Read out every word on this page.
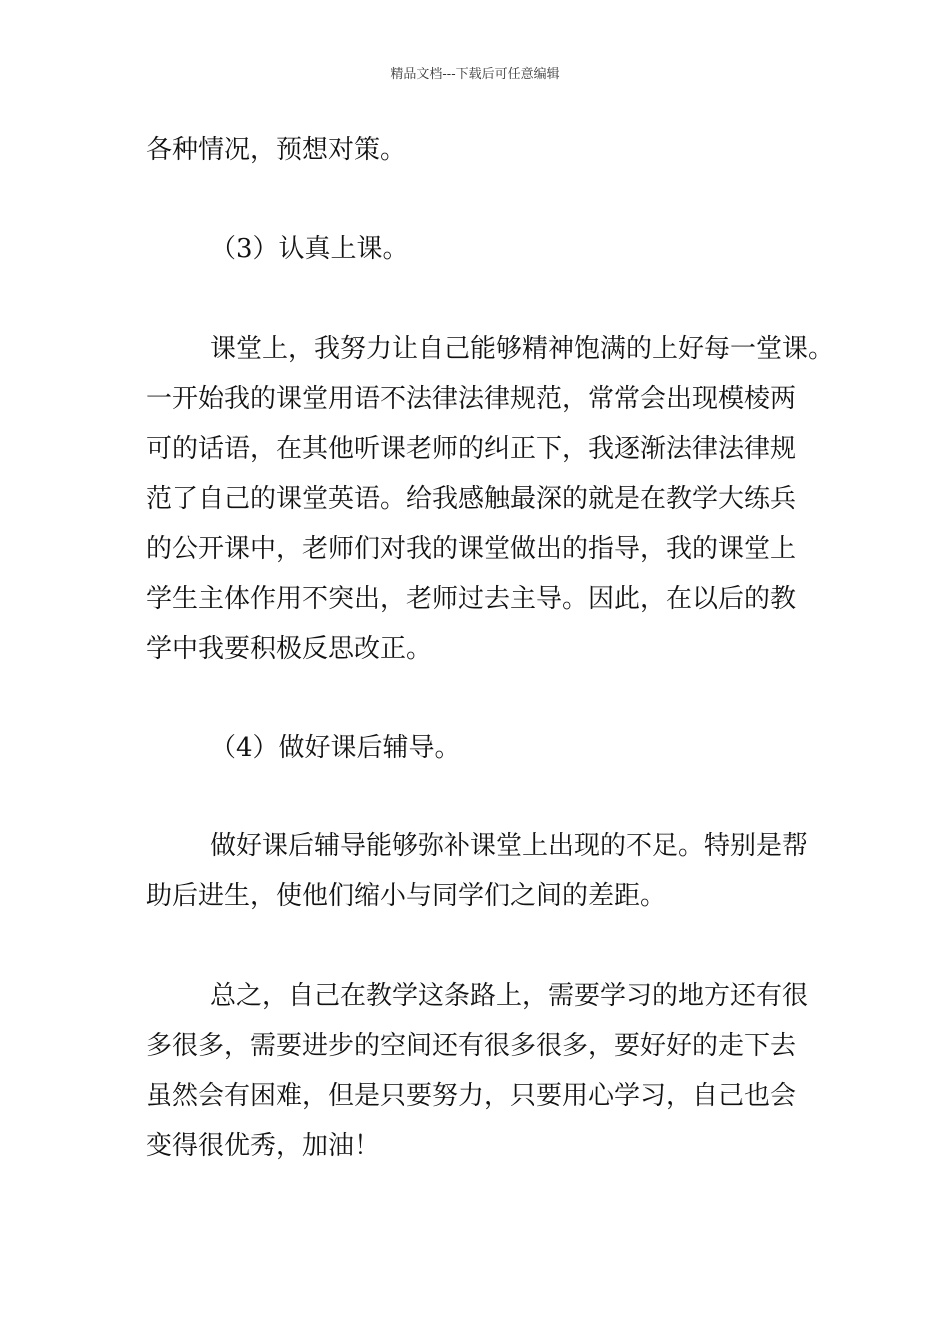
精品文档---下载后可任意编辑
各种情况，预想对策。
（3）认真上课。
课堂上，我努力让自己能够精神饱满的上好每一堂课。
一开始我的课堂用语不法律法律规范，常常会出现模棱两
可的话语，在其他听课老师的纠正下，我逐渐法律法律规
范了自己的课堂英语。给我感触最深的就是在教学大练兵
的公开课中，老师们对我的课堂做出的指导，我的课堂上
学生主体作用不突出，老师过去主导。因此，在以后的教
学中我要积极反思改正。
（4）做好课后辅导。
做好课后辅导能够弥补课堂上出现的不足。特别是帮
助后进生，使他们缩小与同学们之间的差距。
总之，自己在教学这条路上，需要学习的地方还有很
多很多，需要进步的空间还有很多很多，要好好的走下去
虽然会有困难，但是只要努力，只要用心学习，自己也会
变得很优秀，加油！
